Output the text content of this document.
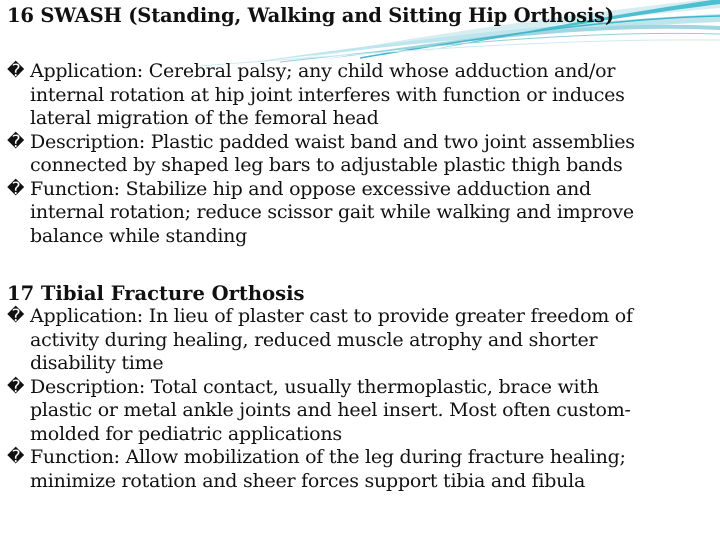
16 SWASH (Standing, Walking and Sitting Hip Orthosis)
� Application: Cerebral palsy; any child whose adduction and/or
internal rotation at hip joint interferes with function or induces
lateral migration of the femoral head
� Description: Plastic padded waist band and two joint assemblies
connected by shaped leg bars to adjustable plastic thigh bands
� Function: Stabilize hip and oppose excessive adduction and
internal rotation; reduce scissor gait while walking and improve
balance while standing
17 Tibial Fracture Orthosis
� Application: In lieu of plaster cast to provide greater freedom of
activity during healing, reduced muscle atrophy and shorter
disability time
� Description: Total contact, usually thermoplastic, brace with
plastic or metal ankle joints and heel insert. Most often custom-
molded for pediatric applications
� Function: Allow mobilization of the leg during fracture healing;
minimize rotation and sheer forces support tibia and fibula
